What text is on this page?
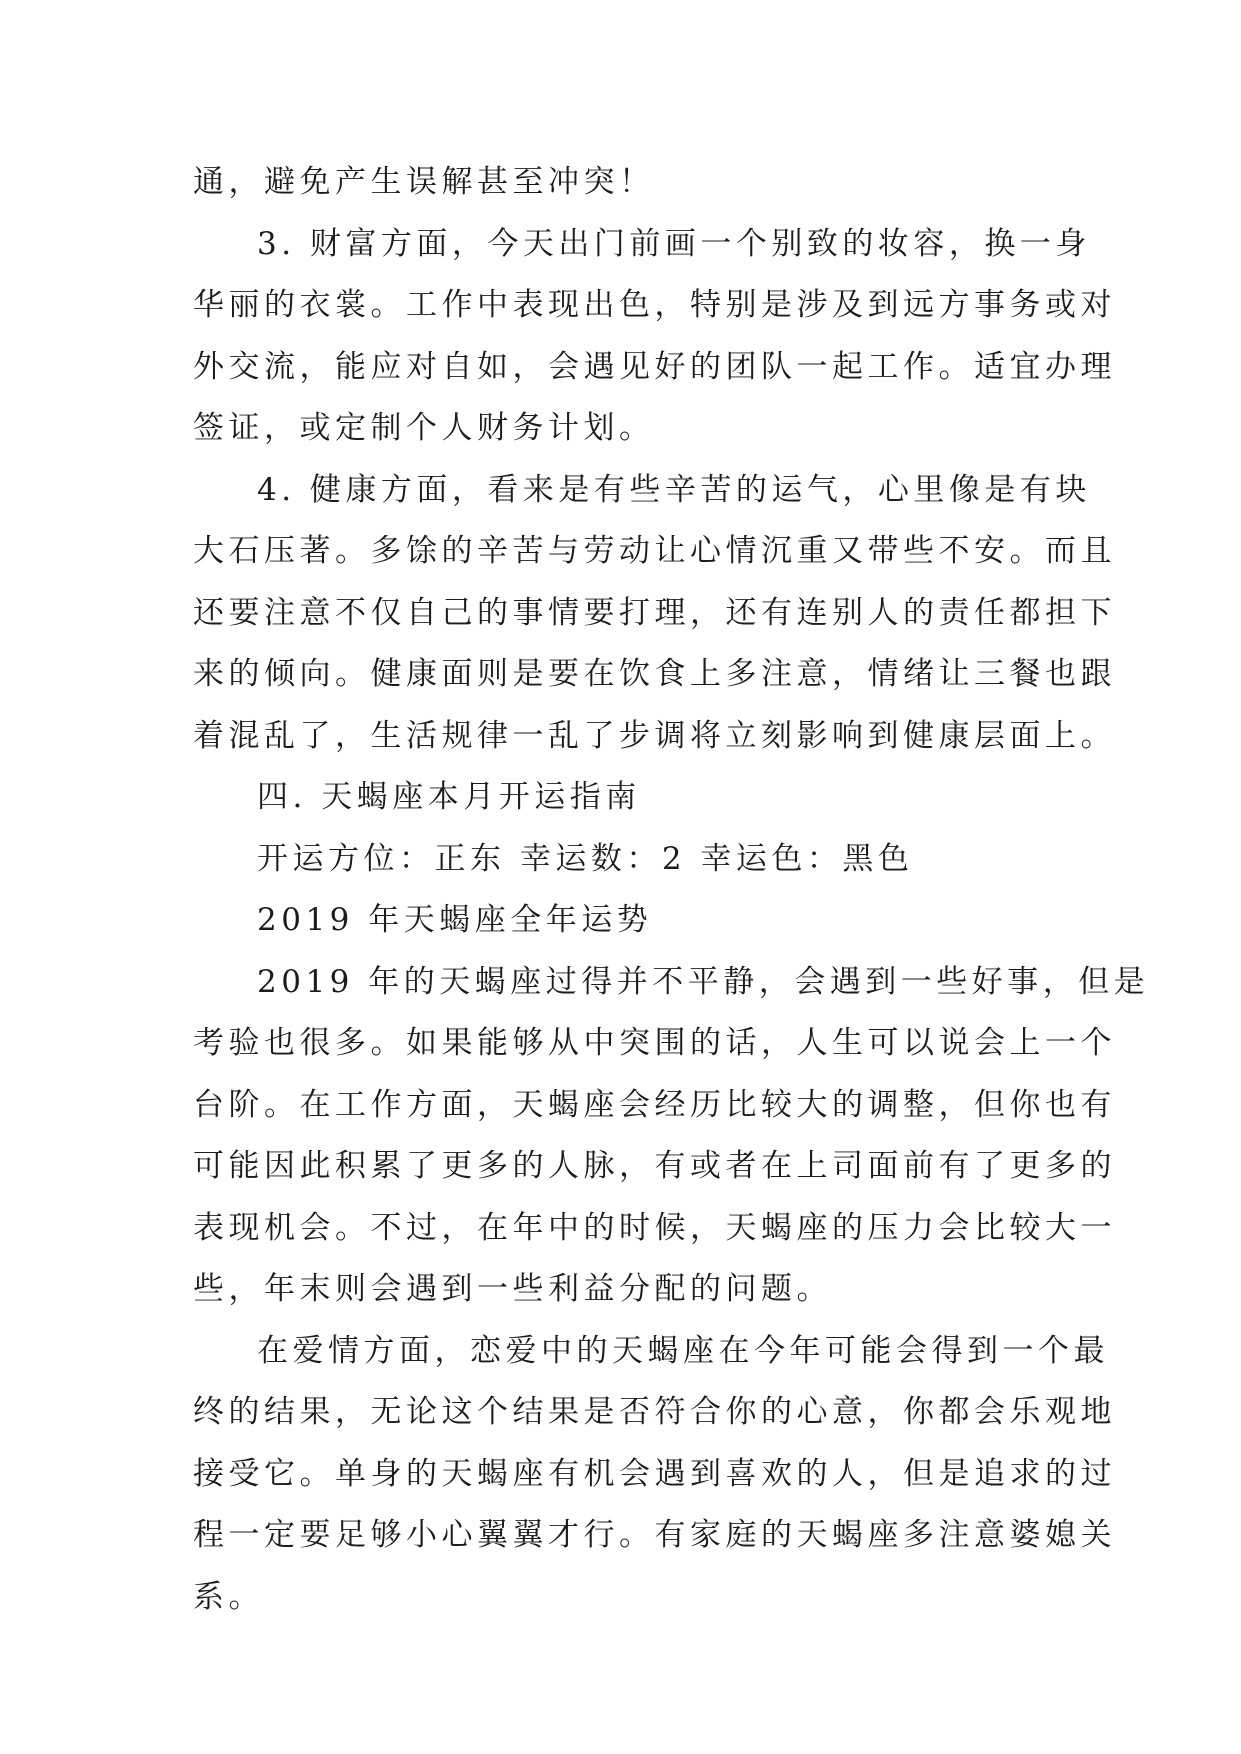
通，避免产生误解甚至冲突！

3. 财富方面，今天出门前画一个别致的妆容，换一身

华丽的衣裳。工作中表现出色，特别是涉及到远方事务或对

外交流，能应对自如，会遇见好的团队一起工作。适宜办理

签证，或定制个人财务计划。

4. 健康方面，看来是有些辛苦的运气，心里像是有块

大石压著。多馀的辛苦与劳动让心情沉重又带些不安。而且

还要注意不仅自己的事情要打理，还有连别人的责任都担下

来的倾向。健康面则是要在饮食上多注意，情绪让三餐也跟

着混乱了，生活规律一乱了步调将立刻影响到健康层面上。

四. 天蝎座本月开运指南

开运方位：正东 幸运数：2 幸运色：黑色

2019 年天蝎座全年运势

2019 年的天蝎座过得并不平静，会遇到一些好事，但是

考验也很多。如果能够从中突围的话，人生可以说会上一个

台阶。在工作方面，天蝎座会经历比较大的调整，但你也有

可能因此积累了更多的人脉，有或者在上司面前有了更多的

表现机会。不过，在年中的时候，天蝎座的压力会比较大一

些，年末则会遇到一些利益分配的问题。

在爱情方面，恋爱中的天蝎座在今年可能会得到一个最

终的结果，无论这个结果是否符合你的心意，你都会乐观地

接受它。单身的天蝎座有机会遇到喜欢的人，但是追求的过

程一定要足够小心翼翼才行。有家庭的天蝎座多注意婆媳关

系。
